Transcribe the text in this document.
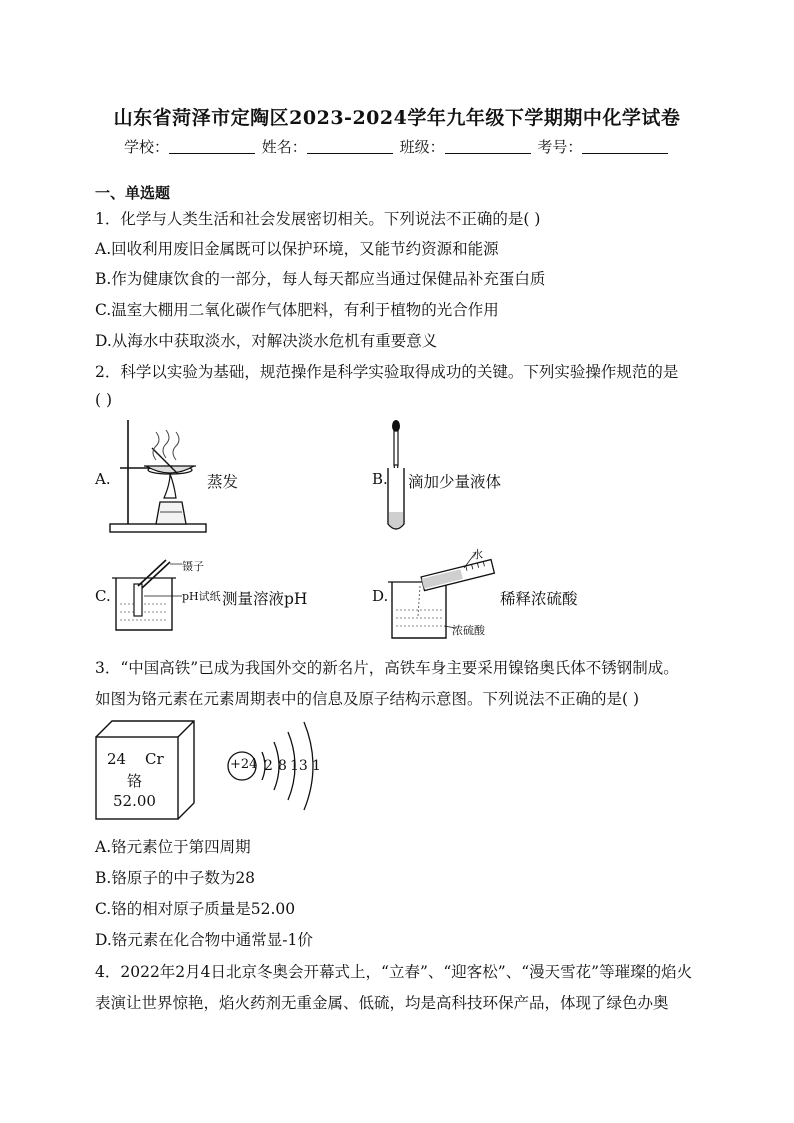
山东省菏泽市定陶区2023-2024学年九年级下学期期中化学试卷
学校：	姓名：	班级：	考号：
一、单选题
1．化学与人类生活和社会发展密切相关。下列说法不正确的是( )
A.回收利用废旧金属既可以保护环境，又能节约资源和能源
B.作为健康饮食的一部分，每人每天都应当通过保健品补充蛋白质
C.温室大棚用二氧化碳作气体肥料，有利于植物的光合作用
D.从海水中获取淡水，对解决淡水危机有重要意义
2．科学以实验为基础，规范操作是科学实验取得成功的关键。下列实验操作规范的是
( )
A.	蒸发	B. 滴加少量液体
C.
镊子
pH试纸 测量溶液pH	D.
水
浓硫酸
稀释浓硫酸
3．“中国高铁”已成为我国外交的新名片，高铁车身主要采用镍铬奥氏体不锈钢制成。
如图为铬元素在元素周期表中的信息及原子结构示意图。下列说法不正确的是( )
24 Cr
铬
52.00
+24 2 8 13 1
A.铬元素位于第四周期
B.铬原子的中子数为28
C.铬的相对原子质量是52.00
D.铬元素在化合物中通常显-1价
4．2022年2月4日北京冬奥会开幕式上，“立春”、“迎客松”、“漫天雪花”等璀璨的焰火
表演让世界惊艳，焰火药剂无重金属、低硫，均是高科技环保产品，体现了绿色办奥
